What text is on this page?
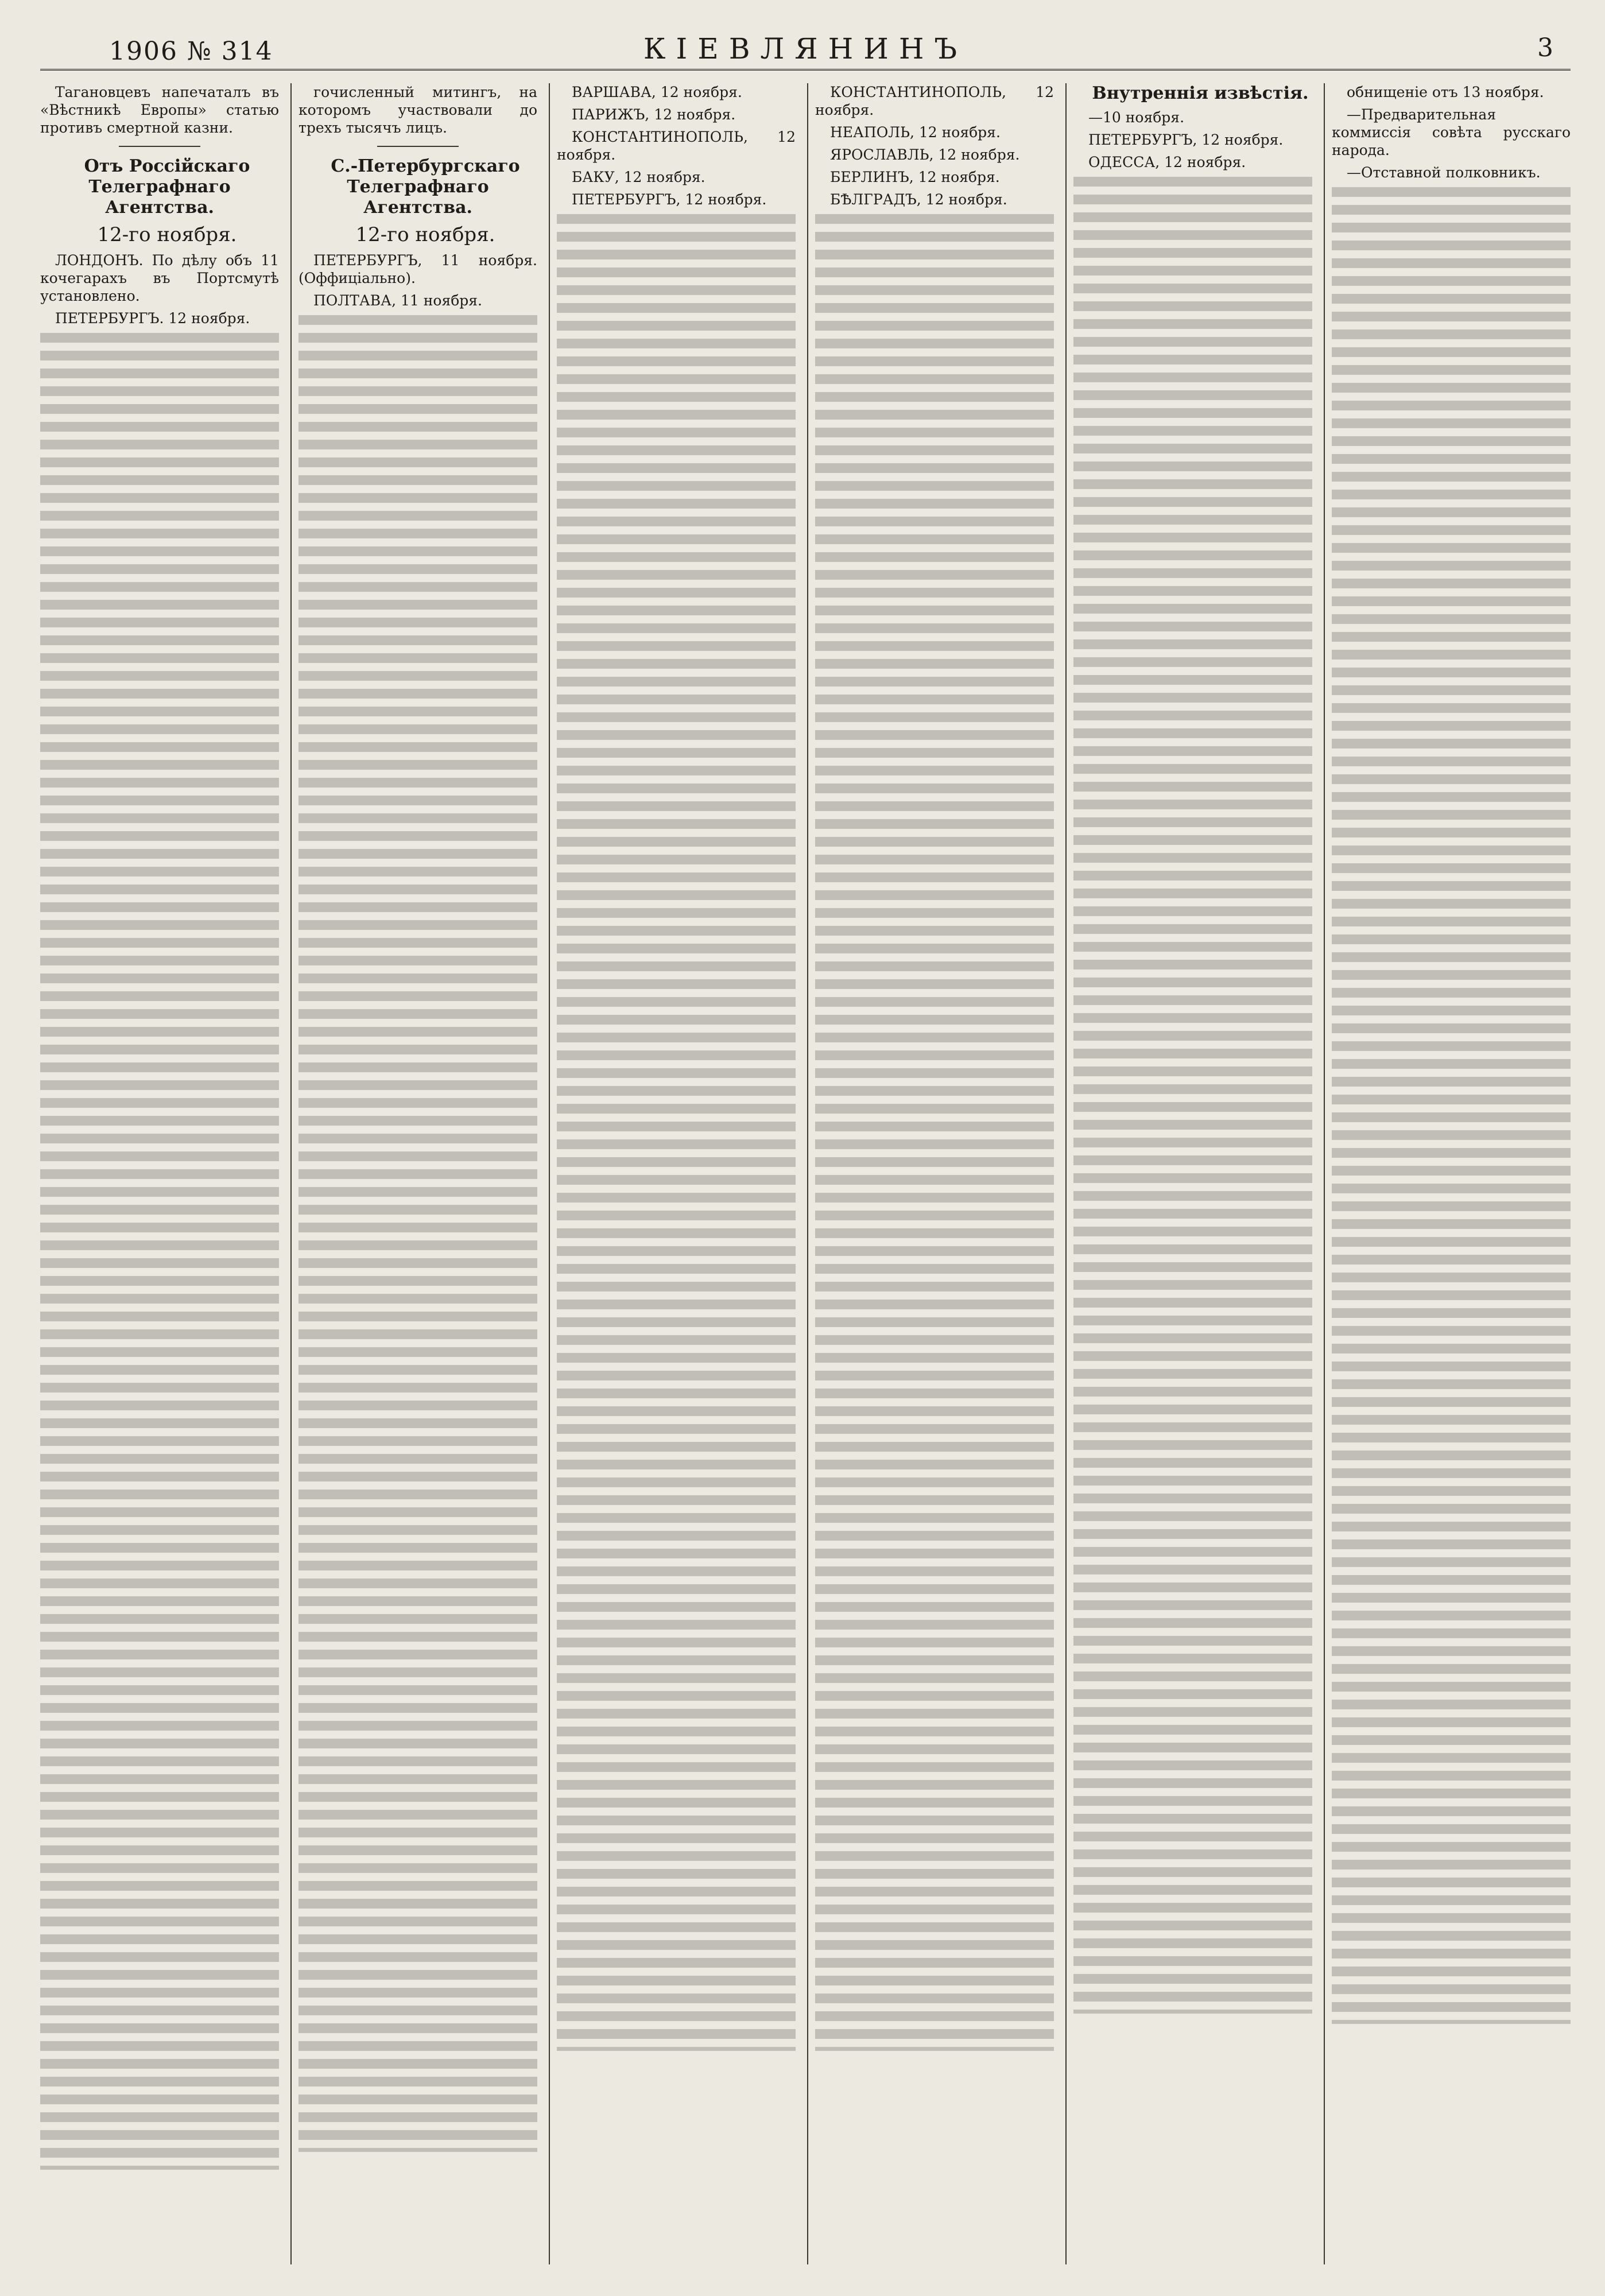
1906 № 314	КІЕВЛЯНИНЪ	3

Тагановцевъ напечаталъ въ «Вѣстникѣ Европы» статью противъ смертной казни.

Отъ Россійскаго Телеграфнаго Агентства.

12-го ноября.

ЛОНДОНЪ. По дѣлу объ 11 кочегарахъ въ Портсмутѣ установлено.

ПЕТЕРБУРГЪ. 12 ноября.

гочисленный митингъ, на которомъ участвовали до трехъ тысячъ лицъ.

С.-Петербургскаго Телеграфнаго Агентства.

12-го ноября.

ПЕТЕРБУРГЪ, 11 ноября. (Оффиціально).

ПОЛТАВА, 11 ноября.

ВАРШАВА, 12 ноября.

ПАРИЖЪ, 12 ноября.

КОНСТАНТИНОПОЛЬ, 12 ноября.

БАКУ, 12 ноября.

ПЕТЕРБУРГЪ, 12 ноября.

КОНСТАНТИНОПОЛЬ, 12 ноября.

НЕАПОЛЬ, 12 ноября.

ЯРОСЛАВЛЬ, 12 ноября.

БЕРЛИНЪ, 12 ноября.

БѢЛГРАДЪ, 12 ноября.

Внутреннія извѣстія.

—10 ноября.

ПЕТЕРБУРГЪ, 12 ноября.

ОДЕССА, 12 ноября.

обнищеніе отъ 13 ноября.

—Предварительная коммиссія совѣта русскаго народа.

—Отставной полковникъ.
